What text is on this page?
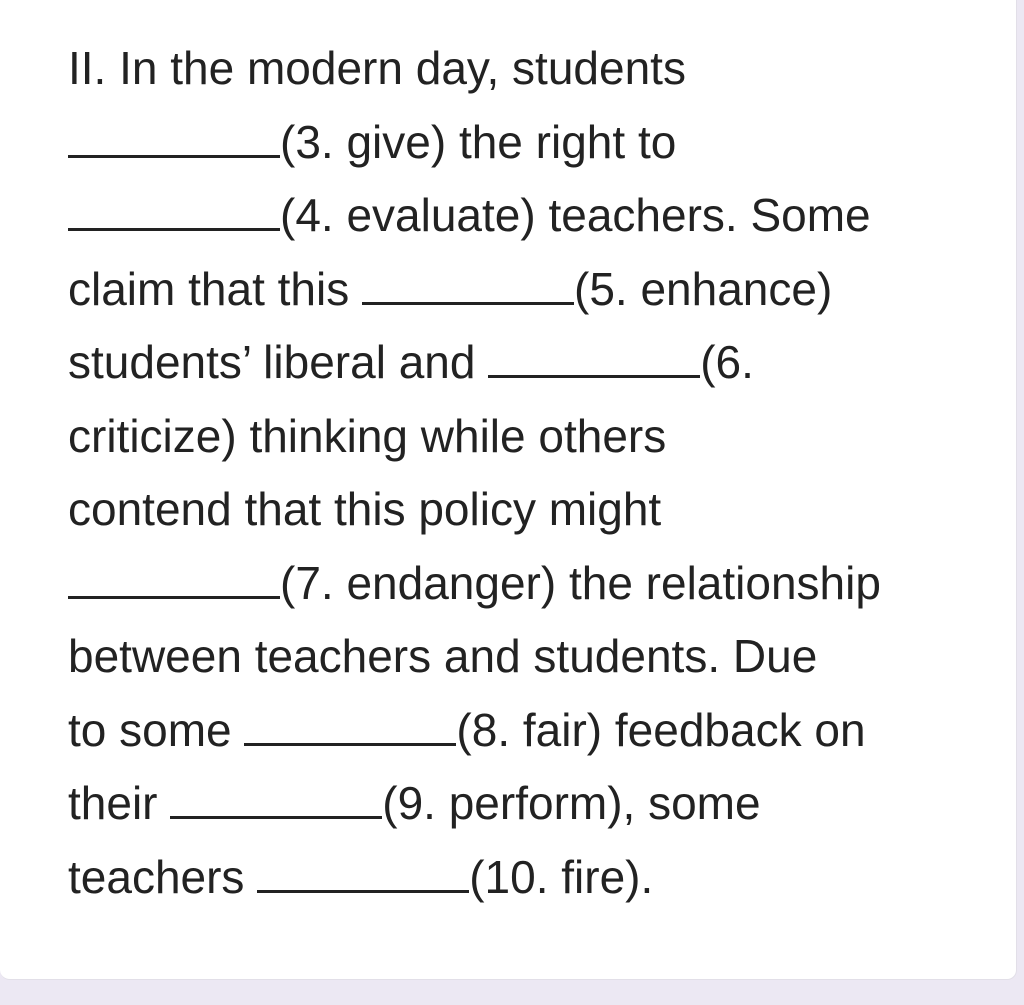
II. In the modern day, students
(3. give) the right to
(4. evaluate) teachers. Some
claim that this	(5. enhance)
students’ liberal and	(6.
criticize) thinking while others
contend that this policy might
(7. endanger) the relationship
between teachers and students. Due
to some	(8. fair) feedback on
their	(9. perform), some
teachers	(10. fire).
